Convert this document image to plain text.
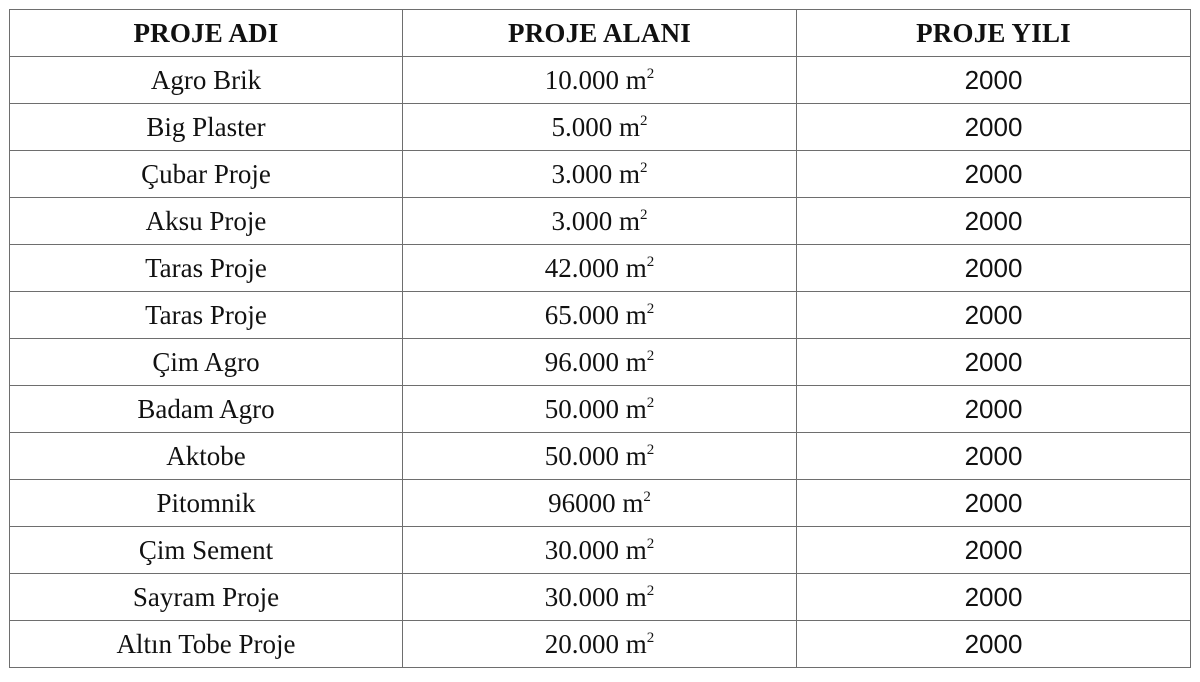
PROJE ADI	PROJE ALANI	PROJE YILI
Agro Brik	10.000 $m^2$	2000
Big Plaster	5.000 $m^2$	2000
Çubar Proje	3.000 $m^2$	2000
Aksu Proje	3.000 $m^2$	2000
Taras Proje	42.000 $m^2$	2000
Taras Proje	65.000 $m^2$	2000
Çim Agro	96.000 $m^2$	2000
Badam Agro	50.000 $m^2$	2000
Aktobe	50.000 $m^2$	2000
Pitomnik	96000 $m^2$	2000
Çim Sement	30.000 $m^2$	2000
Sayram Proje	30.000 $m^2$	2000
Altın Tobe Proje	20.000 $m^2$	2000
